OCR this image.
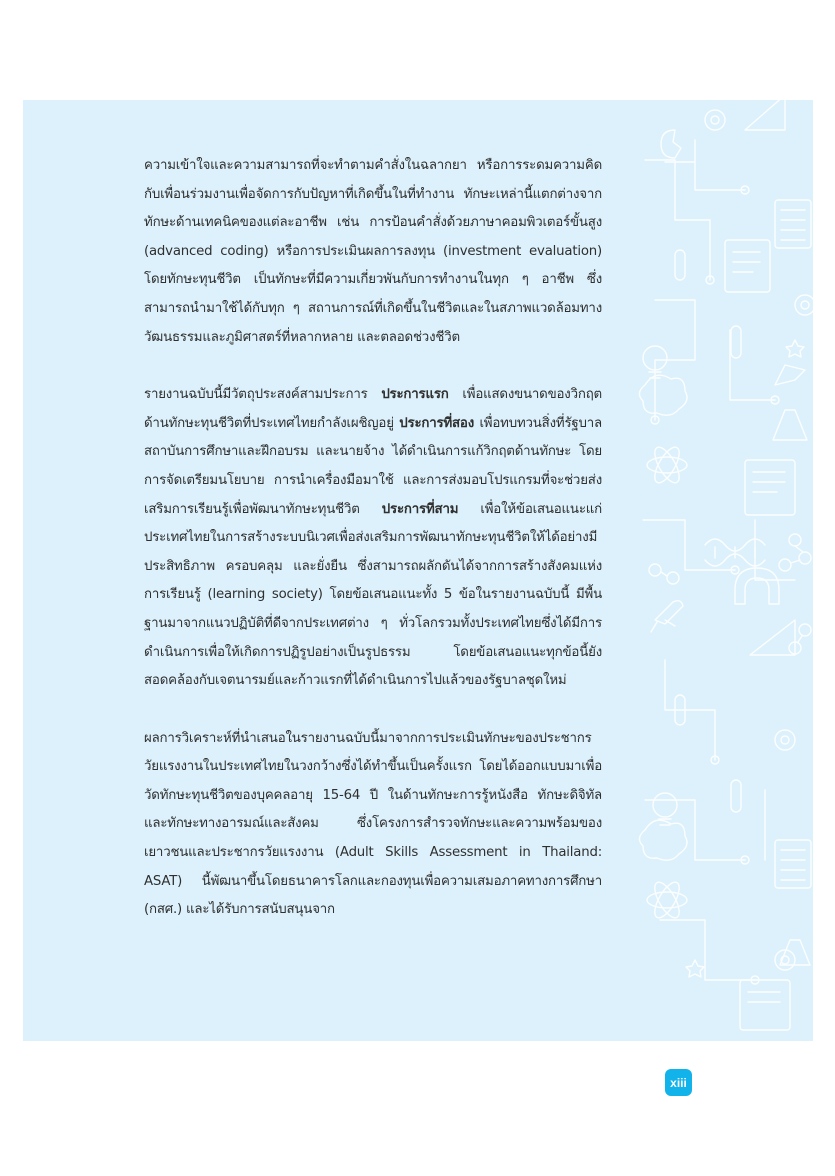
ความเข้าใจและความสามารถที่จะทำตามคำสั่งในฉลากยา หรือการระดมความคิดกับเพื่อนร่วมงานเพื่อจัดการกับปัญหาที่เกิดขึ้นในที่ทำงาน ทักษะเหล่านี้แตกต่างจากทักษะด้านเทคนิคของแต่ละอาชีพ เช่น การป้อนคำสั่งด้วยภาษาคอมพิวเตอร์ขั้นสูง (advanced coding) หรือการประเมินผลการลงทุน (investment evaluation) โดยทักษะทุนชีวิต เป็นทักษะที่มีความเกี่ยวพันกับการทำงานในทุก ๆ อาชีพ ซึ่งสามารถนำมาใช้ได้กับทุก ๆ สถานการณ์ที่เกิดขึ้นในชีวิตและในสภาพแวดล้อมทางวัฒนธรรมและภูมิศาสตร์ที่หลากหลาย และตลอดช่วงชีวิต

รายงานฉบับนี้มีวัตถุประสงค์สามประการ ประการแรก เพื่อแสดงขนาดของวิกฤตด้านทักษะทุนชีวิตที่ประเทศไทยกำลังเผชิญอยู่ ประการที่สอง เพื่อทบทวนสิ่งที่รัฐบาล สถาบันการศึกษาและฝึกอบรม และนายจ้าง ได้ดำเนินการแก้วิกฤตด้านทักษะ โดยการจัดเตรียมนโยบาย การนำเครื่องมือมาใช้ และการส่งมอบโปรแกรมที่จะช่วยส่งเสริมการเรียนรู้เพื่อพัฒนาทักษะทุนชีวิต ประการที่สาม เพื่อให้ข้อเสนอแนะแก่ประเทศไทยในการสร้างระบบนิเวศเพื่อส่งเสริมการพัฒนาทักษะทุนชีวิตให้ได้อย่างมีประสิทธิภาพ ครอบคลุม และยั่งยืน ซึ่งสามารถผลักดันได้จากการสร้างสังคมแห่งการเรียนรู้ (learning society) โดยข้อเสนอแนะทั้ง 5 ข้อในรายงานฉบับนี้ มีพื้นฐานมาจากแนวปฏิบัติที่ดีจากประเทศต่าง ๆ ทั่วโลกรวมทั้งประเทศไทยซึ่งได้มีการดำเนินการเพื่อให้เกิดการปฏิรูปอย่างเป็นรูปธรรม โดยข้อเสนอแนะทุกข้อนี้ยังสอดคล้องกับเจตนารมย์และก้าวแรกที่ได้ดำเนินการไปแล้วของรัฐบาลชุดใหม่

ผลการวิเคราะห์ที่นำเสนอในรายงานฉบับนี้มาจากการประเมินทักษะของประชากรวัยแรงงานในประเทศไทยในวงกว้างซึ่งได้ทำขึ้นเป็นครั้งแรก โดยได้ออกแบบมาเพื่อวัดทักษะทุนชีวิตของบุคคลอายุ 15-64 ปี ในด้านทักษะการรู้หนังสือ ทักษะดิจิทัล และทักษะทางอารมณ์และสังคม ซึ่งโครงการสำรวจทักษะและความพร้อมของเยาวชนและประชากรวัยแรงงาน (Adult Skills Assessment in Thailand: ASAT) นี้พัฒนาขึ้นโดยธนาคารโลกและกองทุนเพื่อความเสมอภาคทางการศึกษา (กสศ.) และได้รับการสนับสนุนจาก

xiii
